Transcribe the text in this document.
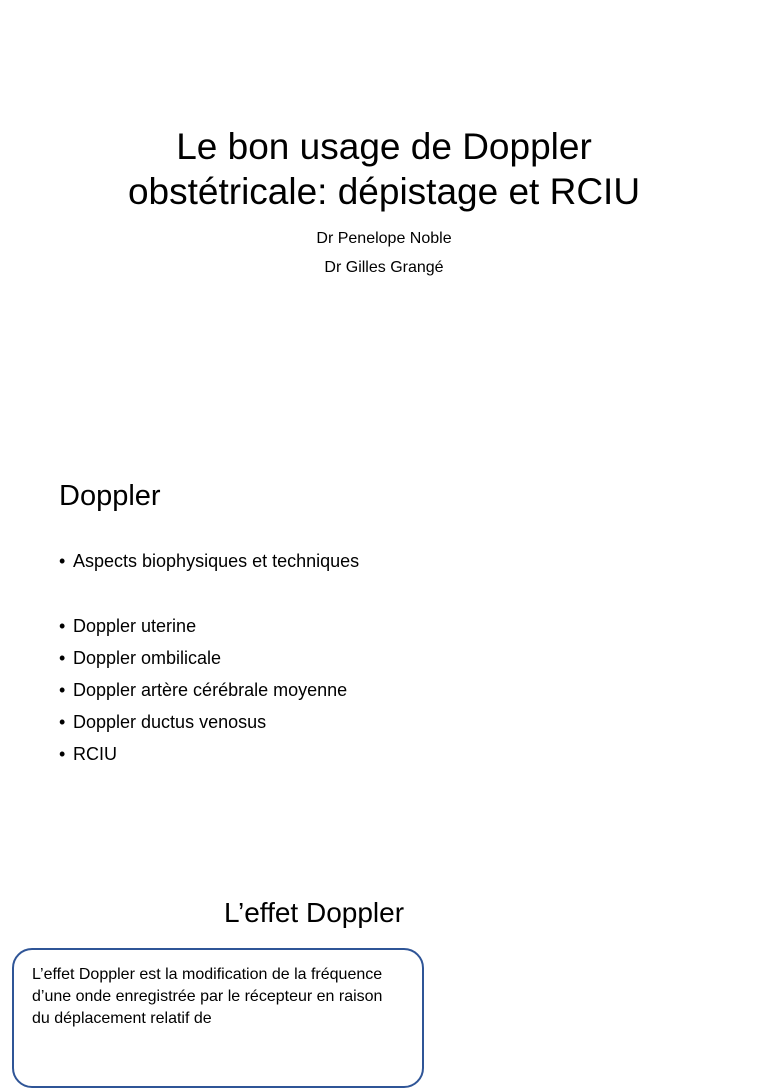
Le bon usage de Doppler
obstétricale: dépistage et RCIU
Dr Penelope Noble
Dr Gilles Grangé
Doppler
• Aspects biophysiques et techniques
• Doppler uterine
• Doppler ombilicale
• Doppler artère cérébrale moyenne
• Doppler ductus venosus
• RCIU
L’effet Doppler
L’effet Doppler est la modification de la fréquence d’une onde enregistrée par le récepteur en raison du déplacement relatif de
